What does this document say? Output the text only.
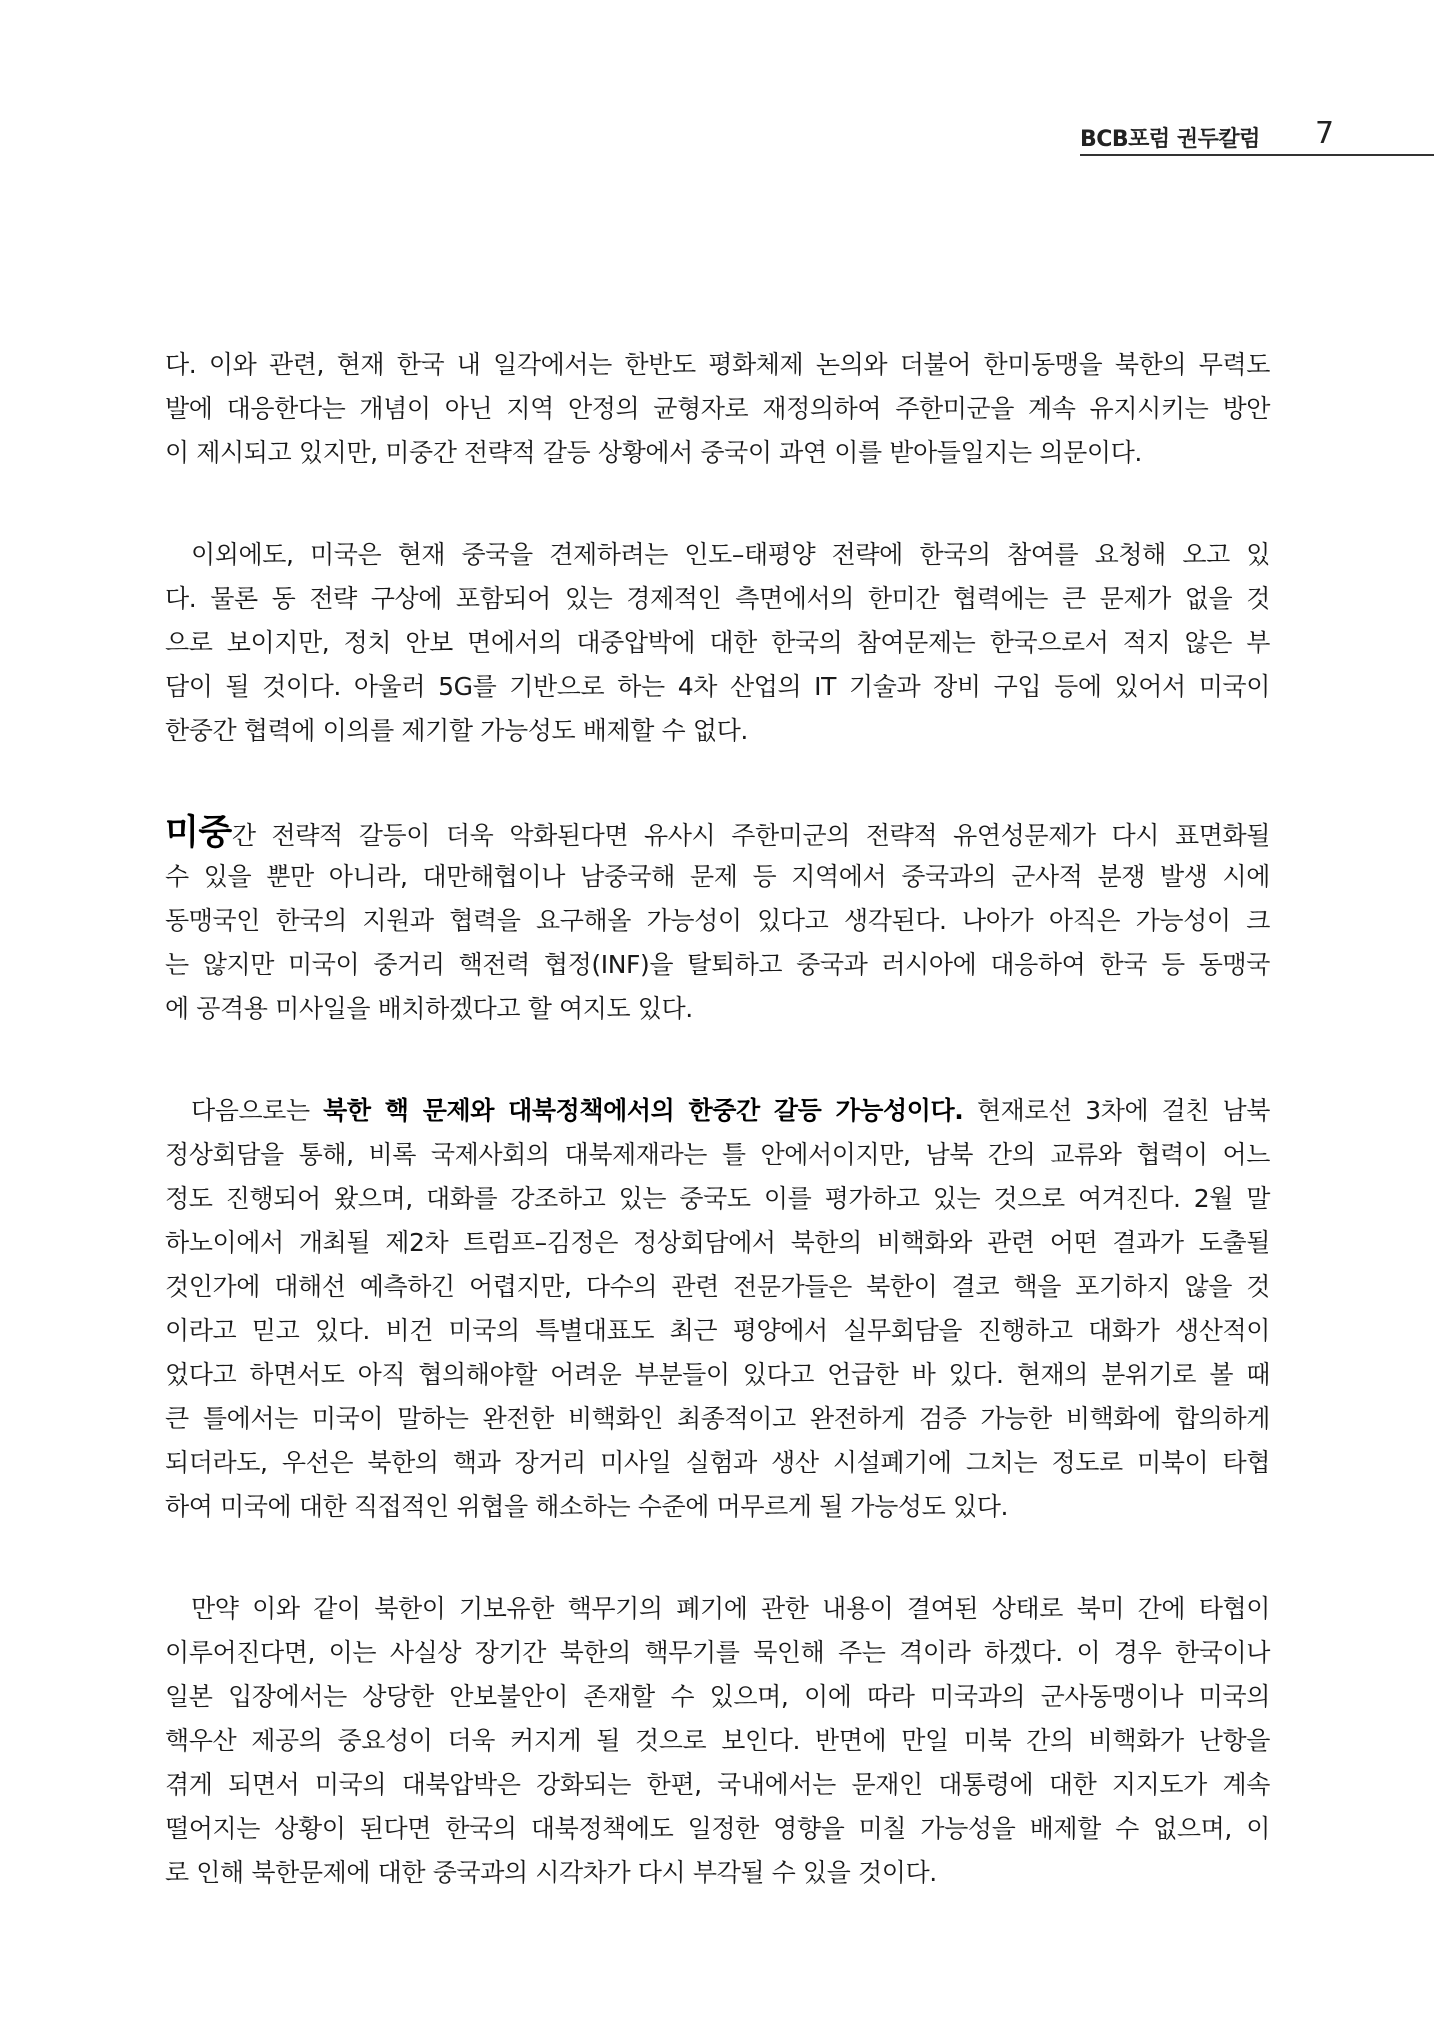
BCB포럼 권두칼럼 7
다. 이와 관련, 현재 한국 내 일각에서는 한반도 평화체제 논의와 더불어 한미동맹을 북한의 무력도
발에 대응한다는 개념이 아닌 지역 안정의 균형자로 재정의하여 주한미군을 계속 유지시키는 방안
이 제시되고 있지만, 미중간 전략적 갈등 상황에서 중국이 과연 이를 받아들일지는 의문이다.
이외에도, 미국은 현재 중국을 견제하려는 인도–태평양 전략에 한국의 참여를 요청해 오고 있
다. 물론 동 전략 구상에 포함되어 있는 경제적인 측면에서의 한미간 협력에는 큰 문제가 없을 것
으로 보이지만, 정치 안보 면에서의 대중압박에 대한 한국의 참여문제는 한국으로서 적지 않은 부
담이 될 것이다. 아울러 5G를 기반으로 하는 4차 산업의 IT 기술과 장비 구입 등에 있어서 미국이
한중간 협력에 이의를 제기할 가능성도 배제할 수 없다.
미중간 전략적 갈등이 더욱 악화된다면 유사시 주한미군의 전략적 유연성문제가 다시 표면화될
수 있을 뿐만 아니라, 대만해협이나 남중국해 문제 등 지역에서 중국과의 군사적 분쟁 발생 시에
동맹국인 한국의 지원과 협력을 요구해올 가능성이 있다고 생각된다. 나아가 아직은 가능성이 크
는 않지만 미국이 중거리 핵전력 협정(INF)을 탈퇴하고 중국과 러시아에 대응하여 한국 등 동맹국
에 공격용 미사일을 배치하겠다고 할 여지도 있다.
다음으로는 북한 핵 문제와 대북정책에서의 한중간 갈등 가능성이다. 현재로선 3차에 걸친 남북
정상회담을 통해, 비록 국제사회의 대북제재라는 틀 안에서이지만, 남북 간의 교류와 협력이 어느
정도 진행되어 왔으며, 대화를 강조하고 있는 중국도 이를 평가하고 있는 것으로 여겨진다. 2월 말
하노이에서 개최될 제2차 트럼프–김정은 정상회담에서 북한의 비핵화와 관련 어떤 결과가 도출될
것인가에 대해선 예측하긴 어렵지만, 다수의 관련 전문가들은 북한이 결코 핵을 포기하지 않을 것
이라고 믿고 있다. 비건 미국의 특별대표도 최근 평양에서 실무회담을 진행하고 대화가 생산적이
었다고 하면서도 아직 협의해야할 어려운 부분들이 있다고 언급한 바 있다. 현재의 분위기로 볼 때
큰 틀에서는 미국이 말하는 완전한 비핵화인 최종적이고 완전하게 검증 가능한 비핵화에 합의하게
되더라도, 우선은 북한의 핵과 장거리 미사일 실험과 생산 시설폐기에 그치는 정도로 미북이 타협
하여 미국에 대한 직접적인 위협을 해소하는 수준에 머무르게 될 가능성도 있다.
만약 이와 같이 북한이 기보유한 핵무기의 폐기에 관한 내용이 결여된 상태로 북미 간에 타협이
이루어진다면, 이는 사실상 장기간 북한의 핵무기를 묵인해 주는 격이라 하겠다. 이 경우 한국이나
일본 입장에서는 상당한 안보불안이 존재할 수 있으며, 이에 따라 미국과의 군사동맹이나 미국의
핵우산 제공의 중요성이 더욱 커지게 될 것으로 보인다. 반면에 만일 미북 간의 비핵화가 난항을
겪게 되면서 미국의 대북압박은 강화되는 한편, 국내에서는 문재인 대통령에 대한 지지도가 계속
떨어지는 상황이 된다면 한국의 대북정책에도 일정한 영향을 미칠 가능성을 배제할 수 없으며, 이
로 인해 북한문제에 대한 중국과의 시각차가 다시 부각될 수 있을 것이다.
